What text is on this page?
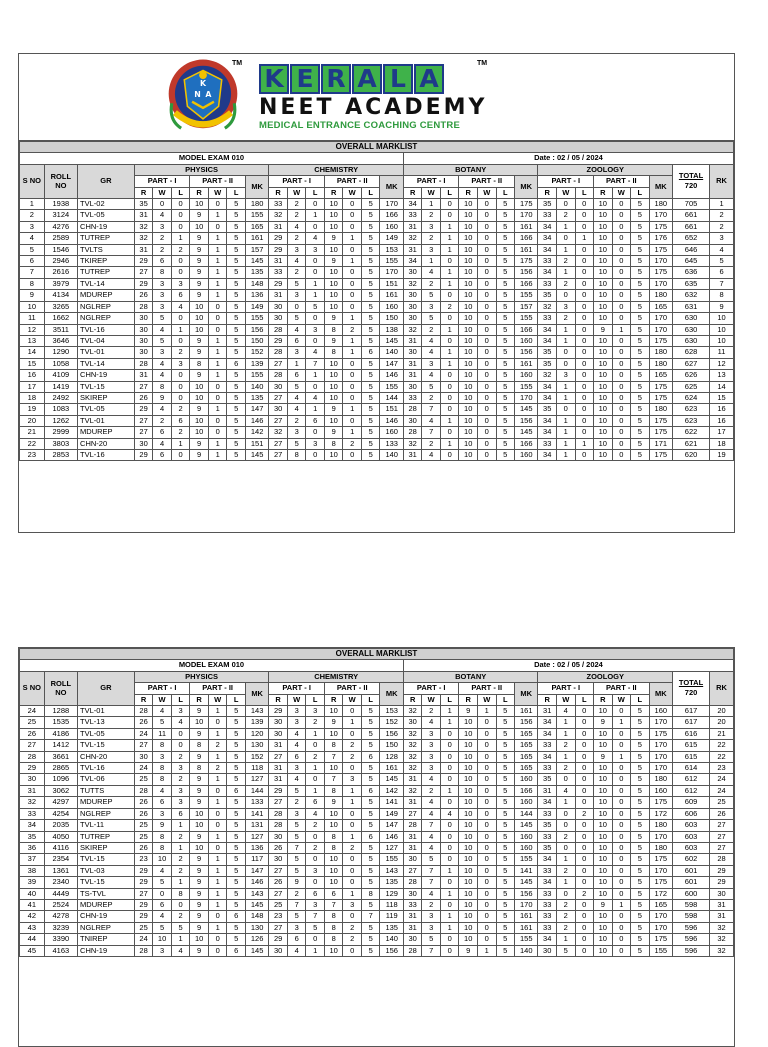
K
N A
TM
K E R A L A
TM
NEET ACADEMY
MEDICAL ENTRANCE COACHING CENTRE
OVERALL MARKLIST																																
MODEL EXAM 010																	Date : 02 / 05 / 2024															
S NO	ROLL NO	GR	PHYSICS							CHEMISTRY							BOTANY							ZOOLOGY							TOTAL
720	RK
			PART - I			PART - II			MK	PART - I			PART - II			MK	PART - I			PART - II			MK	PART - I			PART - II			MK		
			R	W	L	R	W	L		R	W	L	R	W	L		R	W	L	R	W	L		R	W	L	R	W	L			
1	1938	TVL-02	35	0	0	10	0	5	180	33	2	0	10	0	5	170	34	1	0	10	0	5	175	35	0	0	10	0	5	180	705	1
2	3124	TVL-05	31	4	0	9	1	5	155	32	2	1	10	0	5	166	33	2	0	10	0	5	170	33	2	0	10	0	5	170	661	2
3	4276	CHN-19	32	3	0	10	0	5	165	31	4	0	10	0	5	160	31	3	1	10	0	5	161	34	1	0	10	0	5	175	661	2
4	2589	TUTREP	32	2	1	9	1	5	161	29	2	4	9	1	5	149	32	2	1	10	0	5	166	34	0	1	10	0	5	176	652	3
5	1546	TVLTS	31	2	2	9	1	5	157	29	3	3	10	0	5	153	31	3	1	10	0	5	161	34	1	0	10	0	5	175	646	4
6	2946	TKIREP	29	6	0	9	1	5	145	31	4	0	9	1	5	155	34	1	0	10	0	5	175	33	2	0	10	0	5	170	645	5
7	2616	TUTREP	27	8	0	9	1	5	135	33	2	0	10	0	5	170	30	4	1	10	0	5	156	34	1	0	10	0	5	175	636	6
8	3979	TVL-14	29	3	3	9	1	5	148	29	5	1	10	0	5	151	32	2	1	10	0	5	166	33	2	0	10	0	5	170	635	7
9	4134	MDUREP	26	3	6	9	1	5	136	31	3	1	10	0	5	161	30	5	0	10	0	5	155	35	0	0	10	0	5	180	632	8
10	3265	NGLREP	28	3	4	10	0	5	149	30	0	5	10	0	5	160	30	3	2	10	0	5	157	32	3	0	10	0	5	165	631	9
11	1662	NGLREP	30	5	0	10	0	5	155	30	5	0	9	1	5	150	30	5	0	10	0	5	155	33	2	0	10	0	5	170	630	10
12	3511	TVL-16	30	4	1	10	0	5	156	28	4	3	8	2	5	138	32	2	1	10	0	5	166	34	1	0	9	1	5	170	630	10
13	3646	TVL-04	30	5	0	9	1	5	150	29	6	0	9	1	5	145	31	4	0	10	0	5	160	34	1	0	10	0	5	175	630	10
14	1290	TVL-01	30	3	2	9	1	5	152	28	3	4	8	1	6	140	30	4	1	10	0	5	156	35	0	0	10	0	5	180	628	11
15	1058	TVL-14	28	4	3	8	1	6	139	27	1	7	10	0	5	147	31	3	1	10	0	5	161	35	0	0	10	0	5	180	627	12
16	4109	CHN-19	31	4	0	9	1	5	155	28	6	1	10	0	5	146	31	4	0	10	0	5	160	32	3	0	10	0	5	165	626	13
17	1419	TVL-15	27	8	0	10	0	5	140	30	5	0	10	0	5	155	30	5	0	10	0	5	155	34	1	0	10	0	5	175	625	14
18	2492	SKIREP	26	9	0	10	0	5	135	27	4	4	10	0	5	144	33	2	0	10	0	5	170	34	1	0	10	0	5	175	624	15
19	1083	TVL-05	29	4	2	9	1	5	147	30	4	1	9	1	5	151	28	7	0	10	0	5	145	35	0	0	10	0	5	180	623	16
20	1262	TVL-01	27	2	6	10	0	5	146	27	2	6	10	0	5	146	30	4	1	10	0	5	156	34	1	0	10	0	5	175	623	16
21	2999	MDUREP	27	6	2	10	0	5	142	32	3	0	9	1	5	160	28	7	0	10	0	5	145	34	1	0	10	0	5	175	622	17
22	3803	CHN-20	30	4	1	9	1	5	151	27	5	3	8	2	5	133	32	2	1	10	0	5	166	33	1	1	10	0	5	171	621	18
23	2853	TVL-16	29	6	0	9	1	5	145	27	8	0	10	0	5	140	31	4	0	10	0	5	160	34	1	0	10	0	5	175	620	19
OVERALL MARKLIST																																
MODEL EXAM 010																	Date : 02 / 05 / 2024															
S NO	ROLL NO	GR	PHYSICS							CHEMISTRY							BOTANY							ZOOLOGY							TOTAL
720	RK
			PART - I			PART - II			MK	PART - I			PART - II			MK	PART - I			PART - II			MK	PART - I			PART - II			MK		
			R	W	L	R	W	L		R	W	L	R	W	L		R	W	L	R	W	L		R	W	L	R	W	L			
24	1288	TVL-01	28	4	3	9	1	5	143	29	3	3	10	0	5	153	32	2	1	9	1	5	161	31	4	0	10	0	5	160	617	20
25	1535	TVL-13	26	5	4	10	0	5	139	30	3	2	9	1	5	152	30	4	1	10	0	5	156	34	1	0	9	1	5	170	617	20
26	4186	TVL-05	24	11	0	9	1	5	120	30	4	1	10	0	5	156	32	3	0	10	0	5	165	34	1	0	10	0	5	175	616	21
27	1412	TVL-15	27	8	0	8	2	5	130	31	4	0	8	2	5	150	32	3	0	10	0	5	165	33	2	0	10	0	5	170	615	22
28	3661	CHN-20	30	3	2	9	1	5	152	27	6	2	7	2	6	128	32	3	0	10	0	5	165	34	1	0	9	1	5	170	615	22
29	2865	TVL-16	24	8	3	8	2	5	118	31	3	1	10	0	5	161	32	3	0	10	0	5	165	33	2	0	10	0	5	170	614	23
30	1096	TVL-06	25	8	2	9	1	5	127	31	4	0	7	3	5	145	31	4	0	10	0	5	160	35	0	0	10	0	5	180	612	24
31	3062	TUTTS	28	4	3	9	0	6	144	29	5	1	8	1	6	142	32	2	1	10	0	5	166	31	4	0	10	0	5	160	612	24
32	4297	MDUREP	26	6	3	9	1	5	133	27	2	6	9	1	5	141	31	4	0	10	0	5	160	34	1	0	10	0	5	175	609	25
33	4254	NGLREP	26	3	6	10	0	5	141	28	3	4	10	0	5	149	27	4	4	10	0	5	144	33	0	2	10	0	5	172	606	26
34	2035	TVL-11	25	9	1	10	0	5	131	28	5	2	10	0	5	147	28	7	0	10	0	5	145	35	0	0	10	0	5	180	603	27
35	4050	TUTREP	25	8	2	9	1	5	127	30	5	0	8	1	6	146	31	4	0	10	0	5	160	33	2	0	10	0	5	170	603	27
36	4116	SKIREP	26	8	1	10	0	5	136	26	7	2	8	2	5	127	31	4	0	10	0	5	160	35	0	0	10	0	5	180	603	27
37	2354	TVL-15	23	10	2	9	1	5	117	30	5	0	10	0	5	155	30	5	0	10	0	5	155	34	1	0	10	0	5	175	602	28
38	1361	TVL-03	29	4	2	9	1	5	147	27	5	3	10	0	5	143	27	7	1	10	0	5	141	33	2	0	10	0	5	170	601	29
39	2340	TVL-15	29	5	1	9	1	5	146	26	9	0	10	0	5	135	28	7	0	10	0	5	145	34	1	0	10	0	5	175	601	29
40	4449	TS-TVL	27	0	8	9	1	5	143	27	2	6	6	1	8	129	30	4	1	10	0	5	156	33	0	2	10	0	5	172	600	30
41	2524	MDUREP	29	6	0	9	1	5	145	25	7	3	7	3	5	118	33	2	0	10	0	5	170	33	2	0	9	1	5	165	598	31
42	4278	CHN-19	29	4	2	9	0	6	148	23	5	7	8	0	7	119	31	3	1	10	0	5	161	33	2	0	10	0	5	170	598	31
43	3239	NGLREP	25	5	5	9	1	5	130	27	3	5	8	2	5	135	31	3	1	10	0	5	161	33	2	0	10	0	5	170	596	32
44	3390	TNIREP	24	10	1	10	0	5	126	29	6	0	8	2	5	140	30	5	0	10	0	5	155	34	1	0	10	0	5	175	596	32
45	4163	CHN-19	28	3	4	9	0	6	145	30	4	1	10	0	5	156	28	7	0	9	1	5	140	30	5	0	10	0	5	155	596	32
